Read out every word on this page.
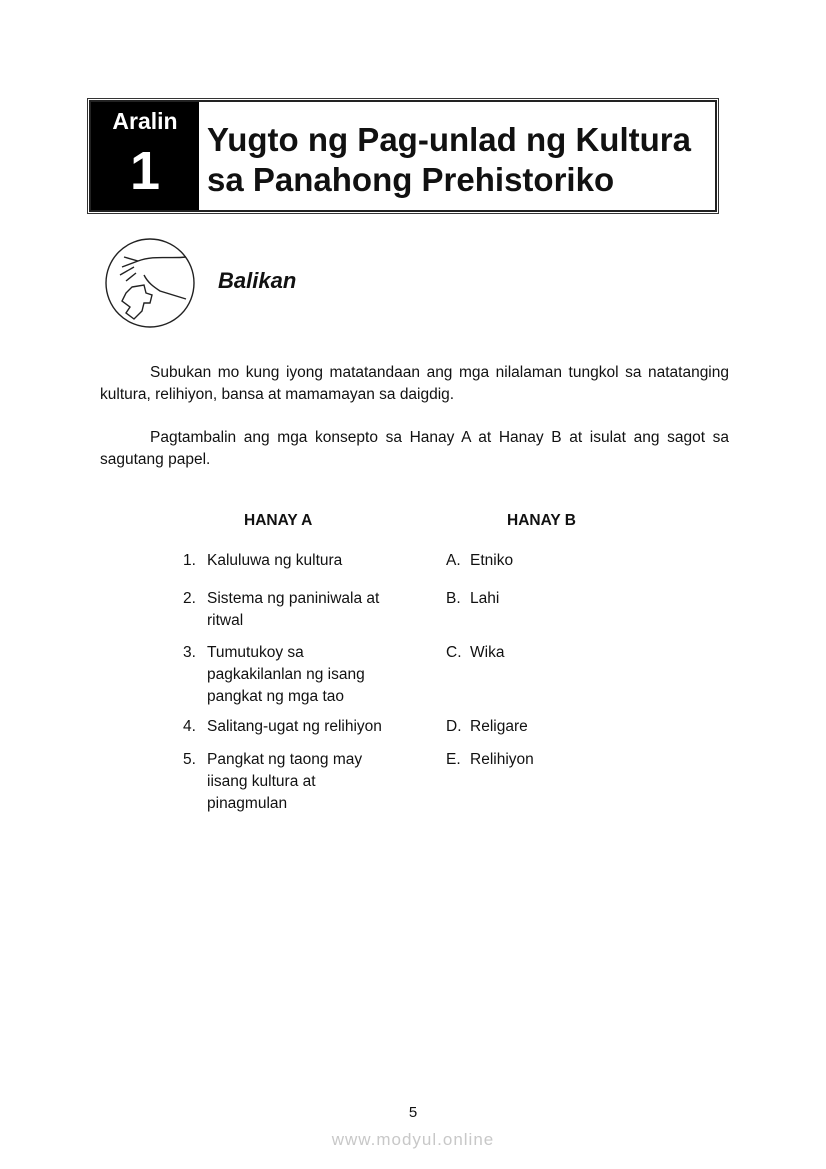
Aralin
1
Yugto ng Pag-unlad ng Kultura
sa Panahong Prehistoriko
Balikan
Subukan mo kung iyong matatandaan ang mga nilalaman tungkol sa natatanging kultura, relihiyon, bansa at mamamayan sa daigdig.
Pagtambalin ang mga konsepto sa Hanay A at Hanay B at isulat ang sagot sa sagutang papel.
HANAY A	HANAY B
1. Kaluluwa ng kultura
2. Sistema ng paniniwala at ritwal
3. Tumutukoy sa pagkakilanlan ng isang pangkat ng mga tao
4. Salitang-ugat ng relihiyon
5. Pangkat ng taong may iisang kultura at pinagmulan
A. Etniko
B. Lahi
C. Wika
D. Religare
E. Relihiyon
5
www.modyul.online
